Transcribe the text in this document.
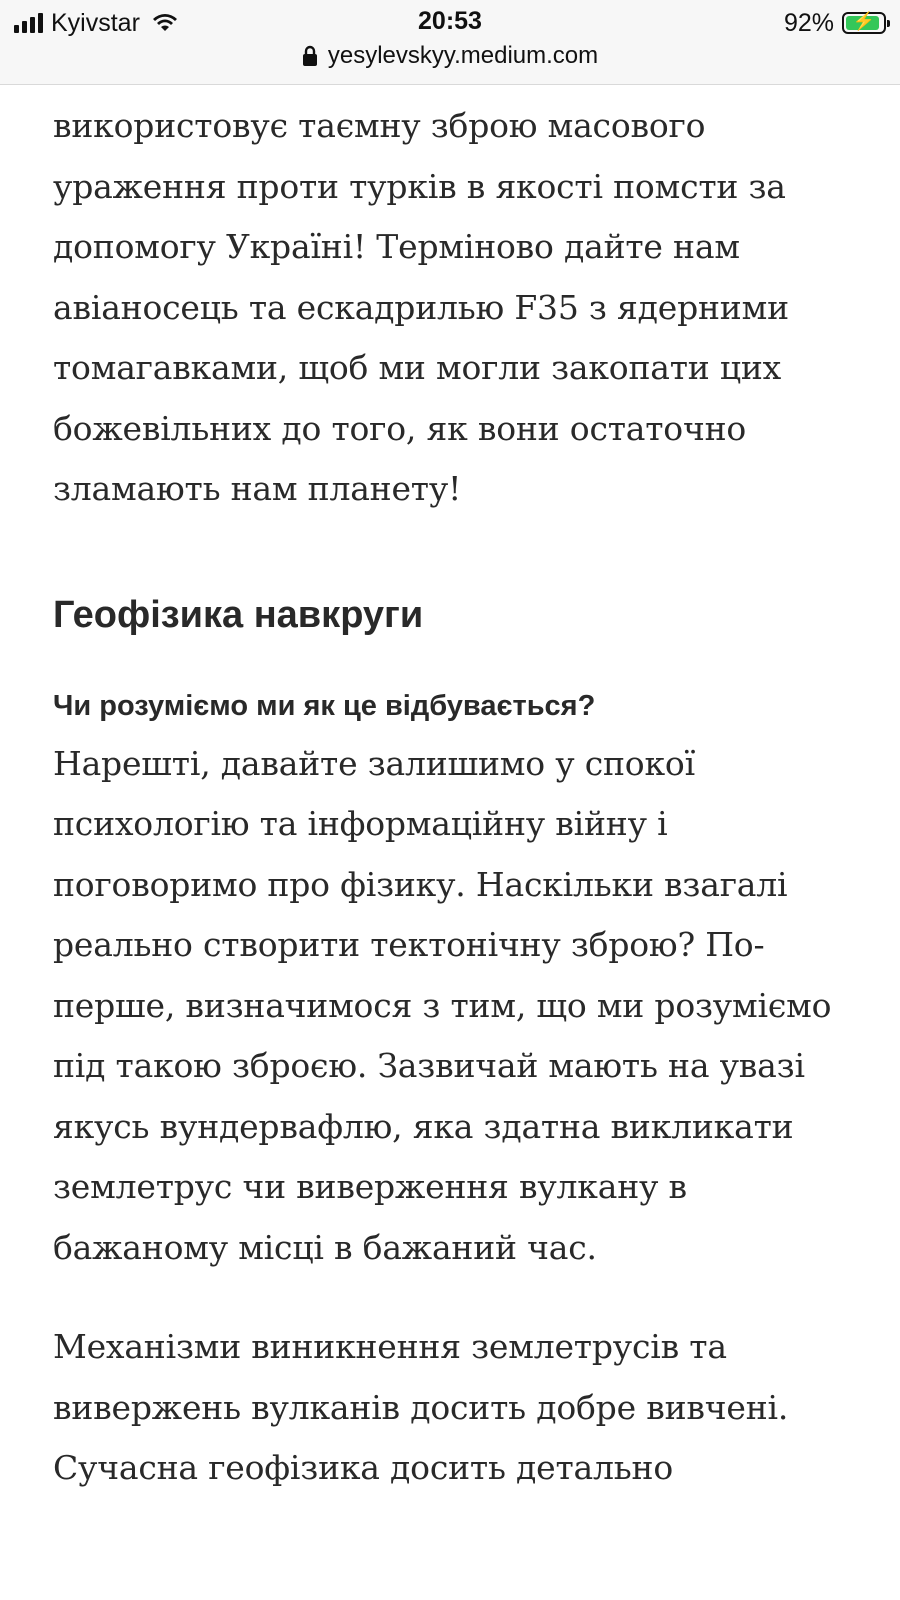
Kyivstar	20:53	92%	⚡
yesylevskyy.medium.com

використовує таємну зброю масового ураження проти турків в якості помсти за допомогу Україні! Терміново дайте нам авіаносець та ескадрилью F35 з ядерними томагавками, щоб ми могли закопати цих божевільних до того, як вони остаточно зламають нам планету!

Геофізика навкруги
Чи розуміємо ми як це відбувається?

Нарешті, давайте залишимо у спокої психологію та інформаційну війну і поговоримо про фізику. Наскільки взагалі реально створити тектонічну зброю? По-перше, визначимося з тим, що ми розуміємо під такою зброєю. Зазвичай мають на увазі якусь вундервафлю, яка здатна викликати землетрус чи виверження вулкану в бажаному місці в бажаний час.

Механізми виникнення землетрусів та вивержень вулканів досить добре вивчені. Сучасна геофізика досить детально
